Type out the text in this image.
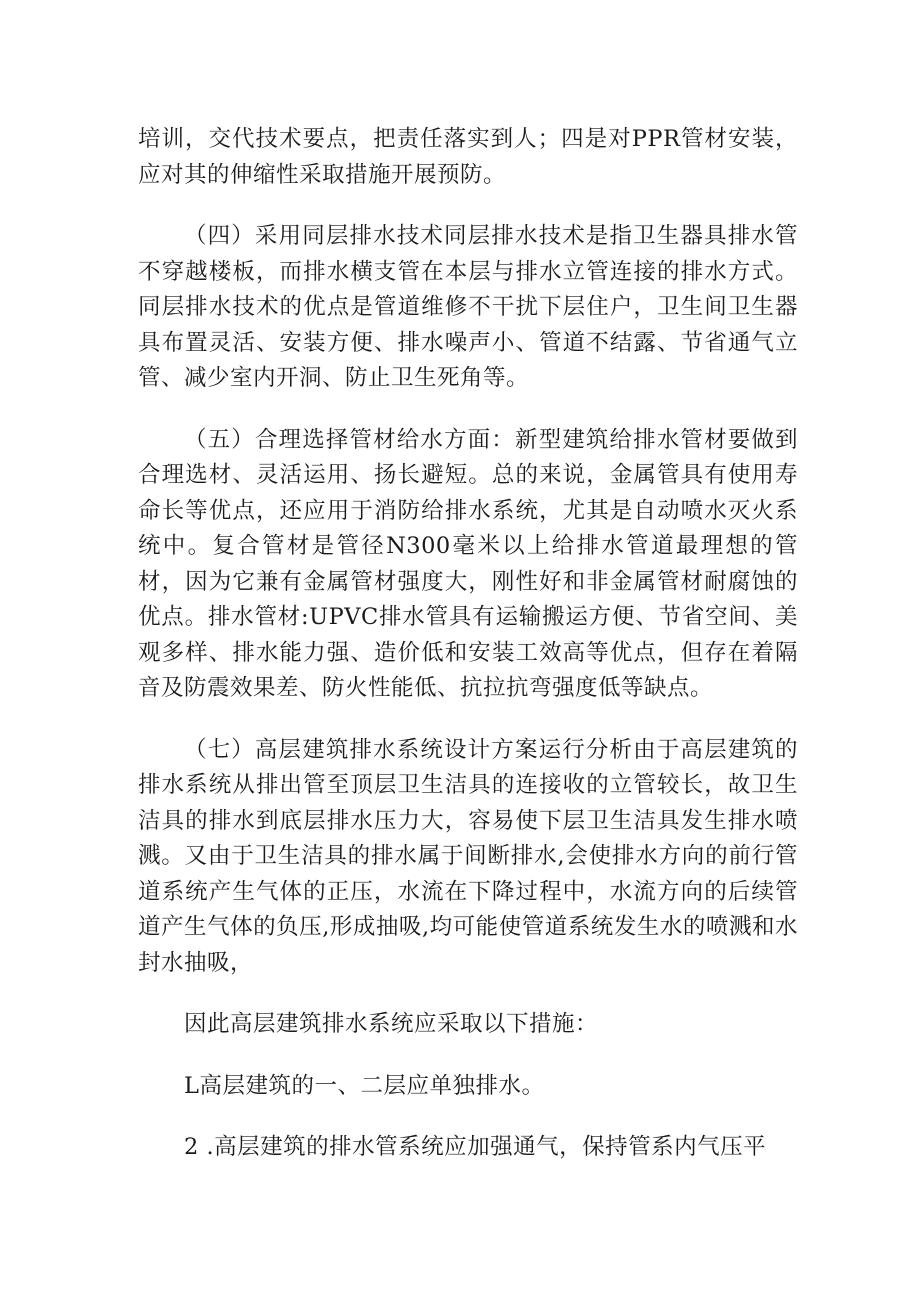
培训，交代技术要点，把责任落实到人；四是对PPR管材安装，应对其的伸缩性采取措施开展预防。

（四）采用同层排水技术同层排水技术是指卫生器具排水管不穿越楼板，而排水横支管在本层与排水立管连接的排水方式。同层排水技术的优点是管道维修不干扰下层住户，卫生间卫生器具布置灵活、安装方便、排水噪声小、管道不结露、节省通气立管、减少室内开洞、防止卫生死角等。

（五）合理选择管材给水方面：新型建筑给排水管材要做到合理选材、灵活运用、扬长避短。总的来说，金属管具有使用寿命长等优点，还应用于消防给排水系统，尤其是自动喷水灭火系统中。复合管材是管径N300毫米以上给排水管道最理想的管材，因为它兼有金属管材强度大，刚性好和非金属管材耐腐蚀的优点。排水管材:UPVC排水管具有运输搬运方便、节省空间、美观多样、排水能力强、造价低和安装工效高等优点，但存在着隔音及防震效果差、防火性能低、抗拉抗弯强度低等缺点。

（七）高层建筑排水系统设计方案运行分析由于高层建筑的排水系统从排出管至顶层卫生洁具的连接收的立管较长，故卫生洁具的排水到底层排水压力大，容易使下层卫生洁具发生排水喷溅。又由于卫生洁具的排水属于间断排水,会使排水方向的前行管道系统产生气体的正压，水流在下降过程中，水流方向的后续管道产生气体的负压,形成抽吸,均可能使管道系统发生水的喷溅和水封水抽吸，

因此高层建筑排水系统应采取以下措施：

L高层建筑的一、二层应单独排水。

2 .高层建筑的排水管系统应加强通气，保持管系内气压平
